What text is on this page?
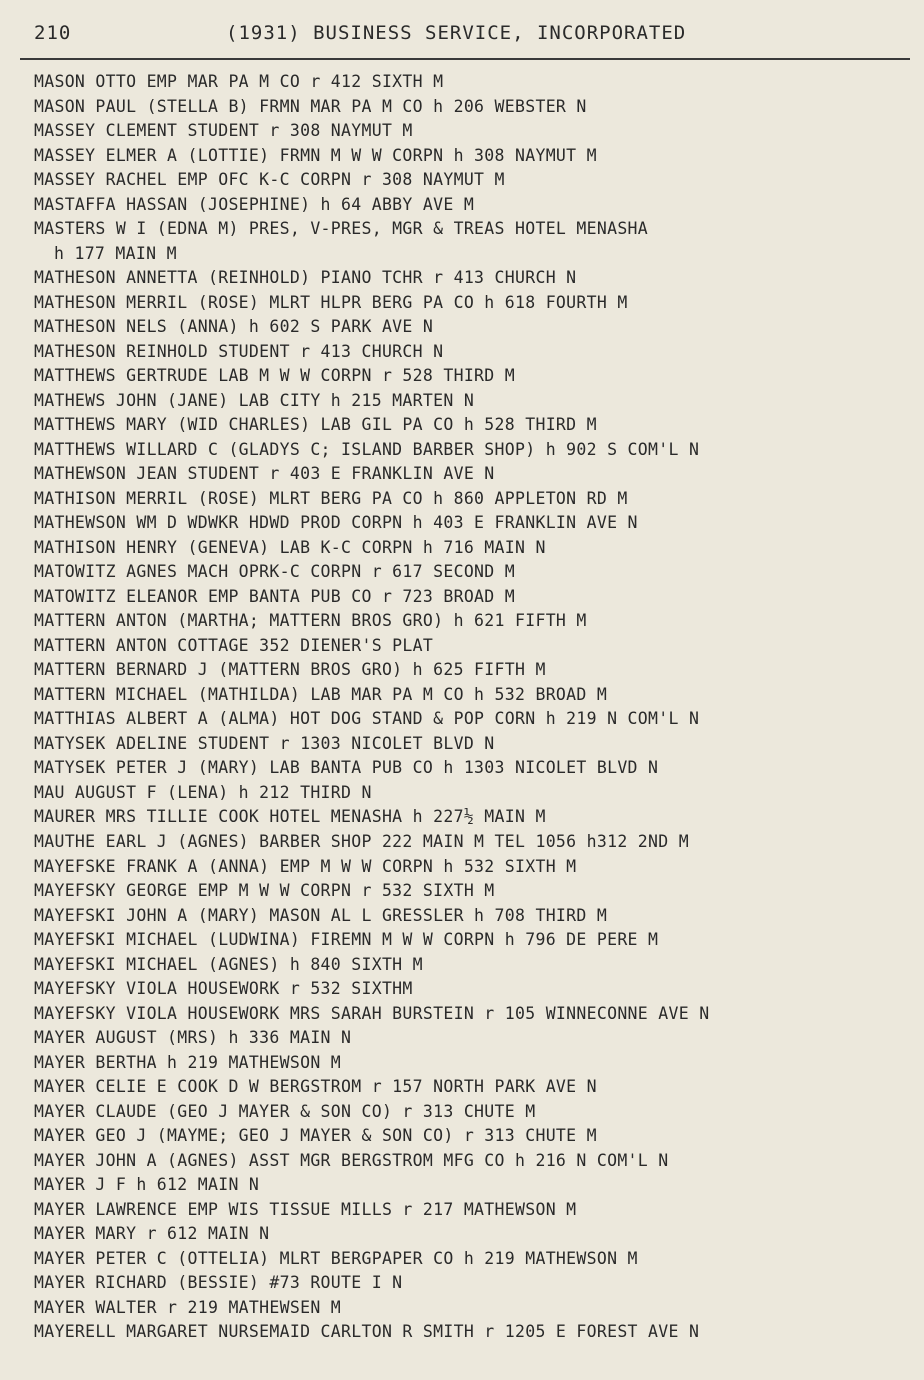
210	(1931) BUSINESS SERVICE, INCORPORATED
MASON OTTO EMP MAR PA M CO r 412 SIXTH M
MASON PAUL (STELLA B) FRMN MAR PA M CO h 206 WEBSTER N
MASSEY CLEMENT STUDENT r 308 NAYMUT M
MASSEY ELMER A (LOTTIE) FRMN M W W CORPN h 308 NAYMUT M
MASSEY RACHEL EMP OFC K-C CORPN r 308 NAYMUT M
MASTAFFA HASSAN (JOSEPHINE) h 64 ABBY AVE M
MASTERS W I (EDNA M) PRES, V-PRES, MGR & TREAS HOTEL MENASHA
h 177 MAIN M
MATHESON ANNETTA (REINHOLD) PIANO TCHR r 413 CHURCH N
MATHESON MERRIL (ROSE) MLRT HLPR BERG PA CO h 618 FOURTH M
MATHESON NELS (ANNA) h 602 S PARK AVE N
MATHESON REINHOLD STUDENT r 413 CHURCH N
MATTHEWS GERTRUDE LAB M W W CORPN r 528 THIRD M
MATHEWS JOHN (JANE) LAB CITY h 215 MARTEN N
MATTHEWS MARY (WID CHARLES) LAB GIL PA CO h 528 THIRD M
MATTHEWS WILLARD C (GLADYS C; ISLAND BARBER SHOP) h 902 S COM'L N
MATHEWSON JEAN STUDENT r 403 E FRANKLIN AVE N
MATHISON MERRIL (ROSE) MLRT BERG PA CO h 860 APPLETON RD M
MATHEWSON WM D WDWKR HDWD PROD CORPN h 403 E FRANKLIN AVE N
MATHISON HENRY (GENEVA) LAB K-C CORPN h 716 MAIN N
MATOWITZ AGNES MACH OPRK-C CORPN r 617 SECOND M
MATOWITZ ELEANOR EMP BANTA PUB CO r 723 BROAD M
MATTERN ANTON (MARTHA; MATTERN BROS GRO) h 621 FIFTH M
MATTERN ANTON COTTAGE 352 DIENER'S PLAT
MATTERN BERNARD J (MATTERN BROS GRO) h 625 FIFTH M
MATTERN MICHAEL (MATHILDA) LAB MAR PA M CO h 532 BROAD M
MATTHIAS ALBERT A (ALMA) HOT DOG STAND & POP CORN h 219 N COM'L N
MATYSEK ADELINE STUDENT r 1303 NICOLET BLVD N
MATYSEK PETER J (MARY) LAB BANTA PUB CO h 1303 NICOLET BLVD N
MAU AUGUST F (LENA) h 212 THIRD N
MAURER MRS TILLIE COOK HOTEL MENASHA h 227½ MAIN M
MAUTHE EARL J (AGNES) BARBER SHOP 222 MAIN M TEL 1056 h312 2ND M
MAYEFSKE FRANK A (ANNA) EMP M W W CORPN h 532 SIXTH M
MAYEFSKY GEORGE EMP M W W CORPN r 532 SIXTH M
MAYEFSKI JOHN A (MARY) MASON AL L GRESSLER h 708 THIRD M
MAYEFSKI MICHAEL (LUDWINA) FIREMN M W W CORPN h 796 DE PERE M
MAYEFSKI MICHAEL (AGNES) h 840 SIXTH M
MAYEFSKY VIOLA HOUSEWORK r 532 SIXTHM
MAYEFSKY VIOLA HOUSEWORK MRS SARAH BURSTEIN r 105 WINNECONNE AVE N
MAYER AUGUST (MRS) h 336 MAIN N
MAYER BERTHA h 219 MATHEWSON M
MAYER CELIE E COOK D W BERGSTROM r 157 NORTH PARK AVE N
MAYER CLAUDE (GEO J MAYER & SON CO) r 313 CHUTE M
MAYER GEO J (MAYME; GEO J MAYER & SON CO) r 313 CHUTE M
MAYER JOHN A (AGNES) ASST MGR BERGSTROM MFG CO h 216 N COM'L N
MAYER J F h 612 MAIN N
MAYER LAWRENCE EMP WIS TISSUE MILLS r 217 MATHEWSON M
MAYER MARY r 612 MAIN N
MAYER PETER C (OTTELIA) MLRT BERGPAPER CO h 219 MATHEWSON M
MAYER RICHARD (BESSIE) #73 ROUTE I N
MAYER WALTER r 219 MATHEWSEN M
MAYERELL MARGARET NURSEMAID CARLTON R SMITH r 1205 E FOREST AVE N
